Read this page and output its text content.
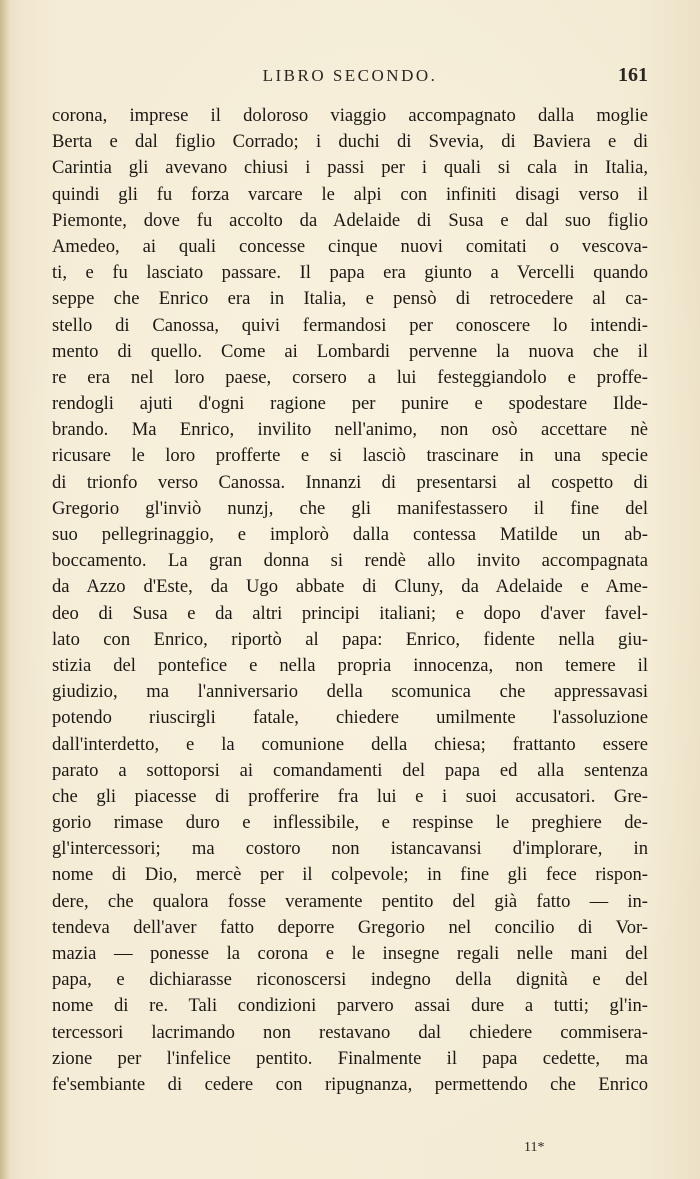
LIBRO SECONDO.	161
corona, imprese il doloroso viaggio accompagnato dalla moglie
Berta e dal figlio Corrado; i duchi di Svevia, di Baviera e di
Carintia gli avevano chiusi i passi per i quali si cala in Italia,
quindi gli fu forza varcare le alpi con infiniti disagi verso il
Piemonte, dove fu accolto da Adelaide di Susa e dal suo figlio
Amedeo, ai quali concesse cinque nuovi comitati o vescova-
ti, e fu lasciato passare. Il papa era giunto a Vercelli quando
seppe che Enrico era in Italia, e pensò di retrocedere al ca-
stello di Canossa, quivi fermandosi per conoscere lo intendi-
mento di quello. Come ai Lombardi pervenne la nuova che il
re era nel loro paese, corsero a lui festeggiandolo e proffe-
rendogli ajuti d'ogni ragione per punire e spodestare Ilde-
brando. Ma Enrico, invilito nell'animo, non osò accettare nè
ricusare le loro profferte e si lasciò trascinare in una specie
di trionfo verso Canossa. Innanzi di presentarsi al cospetto di
Gregorio gl'inviò nunzj, che gli manifestassero il fine del
suo pellegrinaggio, e implorò dalla contessa Matilde un ab-
boccamento. La gran donna si rendè allo invito accompagnata
da Azzo d'Este, da Ugo abbate di Cluny, da Adelaide e Ame-
deo di Susa e da altri principi italiani; e dopo d'aver favel-
lato con Enrico, riportò al papa: Enrico, fidente nella giu-
stizia del pontefice e nella propria innocenza, non temere il
giudizio, ma l'anniversario della scomunica che appressavasi
potendo riuscirgli fatale, chiedere umilmente l'assoluzione
dall'interdetto, e la comunione della chiesa; frattanto essere
parato a sottoporsi ai comandamenti del papa ed alla sentenza
che gli piacesse di profferire fra lui e i suoi accusatori. Gre-
gorio rimase duro e inflessibile, e respinse le preghiere de-
gl'intercessori; ma costoro non istancavansi d'implorare, in
nome di Dio, mercè per il colpevole; in fine gli fece rispon-
dere, che qualora fosse veramente pentito del già fatto — in-
tendeva dell'aver fatto deporre Gregorio nel concilio di Vor-
mazia — ponesse la corona e le insegne regali nelle mani del
papa, e dichiarasse riconoscersi indegno della dignità e del
nome di re. Tali condizioni parvero assai dure a tutti; gl'in-
tercessori lacrimando non restavano dal chiedere commisera-
zione per l'infelice pentito. Finalmente il papa cedette, ma
fe'sembiante di cedere con ripugnanza, permettendo che Enrico
11*
